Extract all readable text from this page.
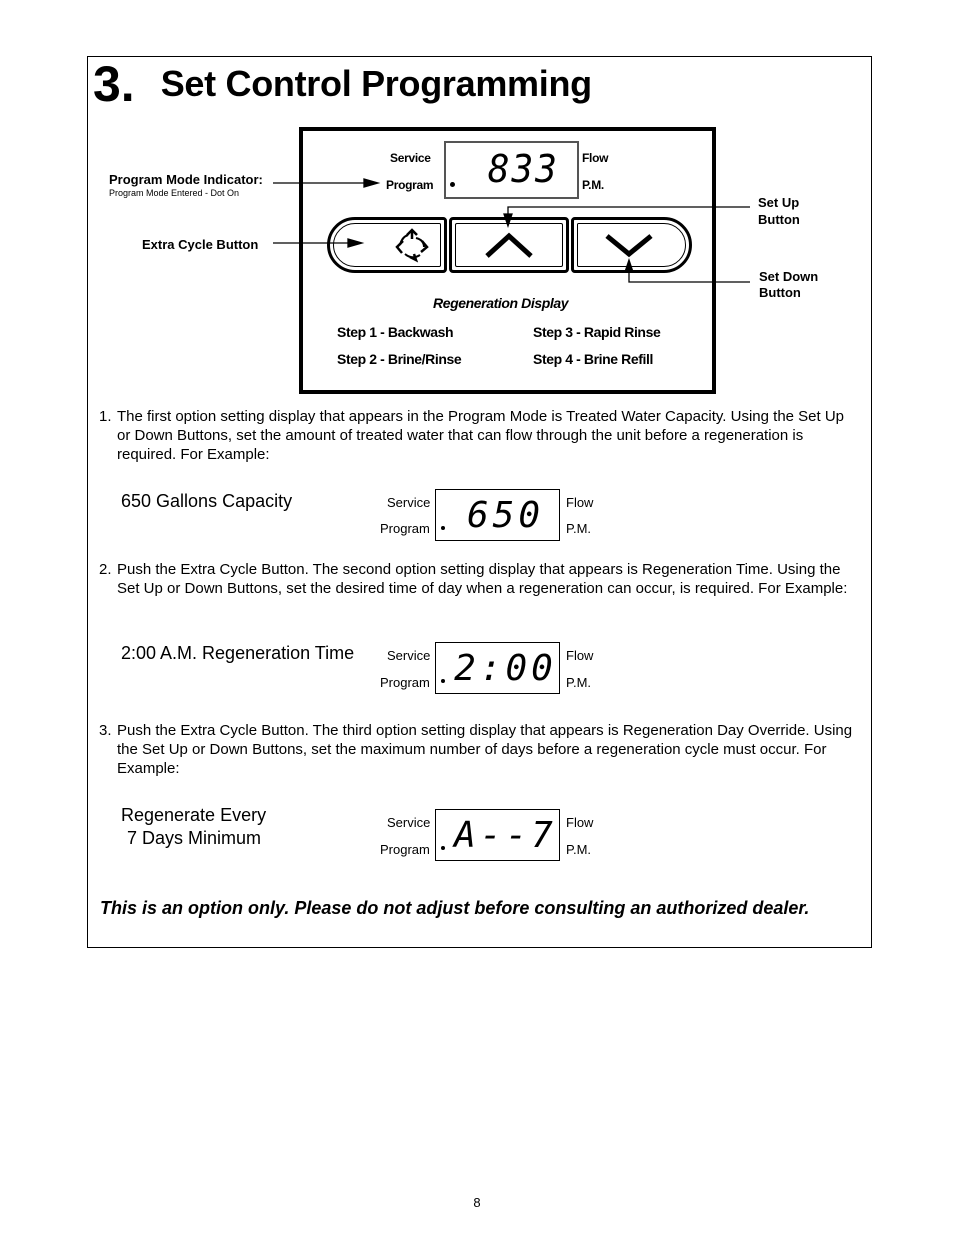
3. Set Control Programming
Service
Program 833 Flow
P.M.
Regeneration Display
Step 1 - Backwash	Step 3 - Rapid Rinse
Step 2 - Brine/Rinse	Step 4 - Brine Refill
Program Mode Indicator:
Program Mode Entered - Dot On
Extra Cycle Button
Set Up
Button
Set Down
Button
1. The first option setting display that appears in the Program Mode is Treated Water Capacity. Using the Set Up or Down Buttons, set the amount of treated water that can flow through the unit before a regeneration is required. For Example:
650 Gallons Capacity	Service
Program	650	Flow
P.M.
2. Push the Extra Cycle Button. The second option setting display that appears is Regeneration Time. Using the Set Up or Down Buttons, set the desired time of day when a regeneration can occur, is required. For Example:
2:00 A.M. Regeneration Time	Service
Program 2:00 Flow
P.M.
3. Push the Extra Cycle Button. The third option setting display that appears is Regeneration Day Override. Using the Set Up or Down Buttons, set the maximum number of days before a regeneration cycle must occur. For Example:
Regenerate Every
7 Days Minimum
Service
Program A--7 Flow
P.M.
This is an option only. Please do not adjust before consulting an authorized dealer.
8
